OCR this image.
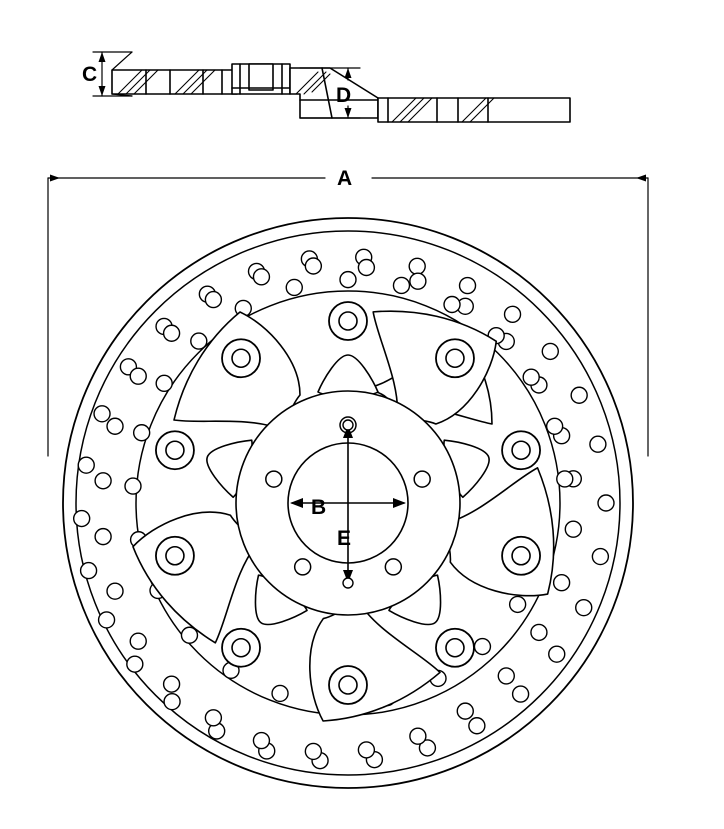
A
B
C
D
E
